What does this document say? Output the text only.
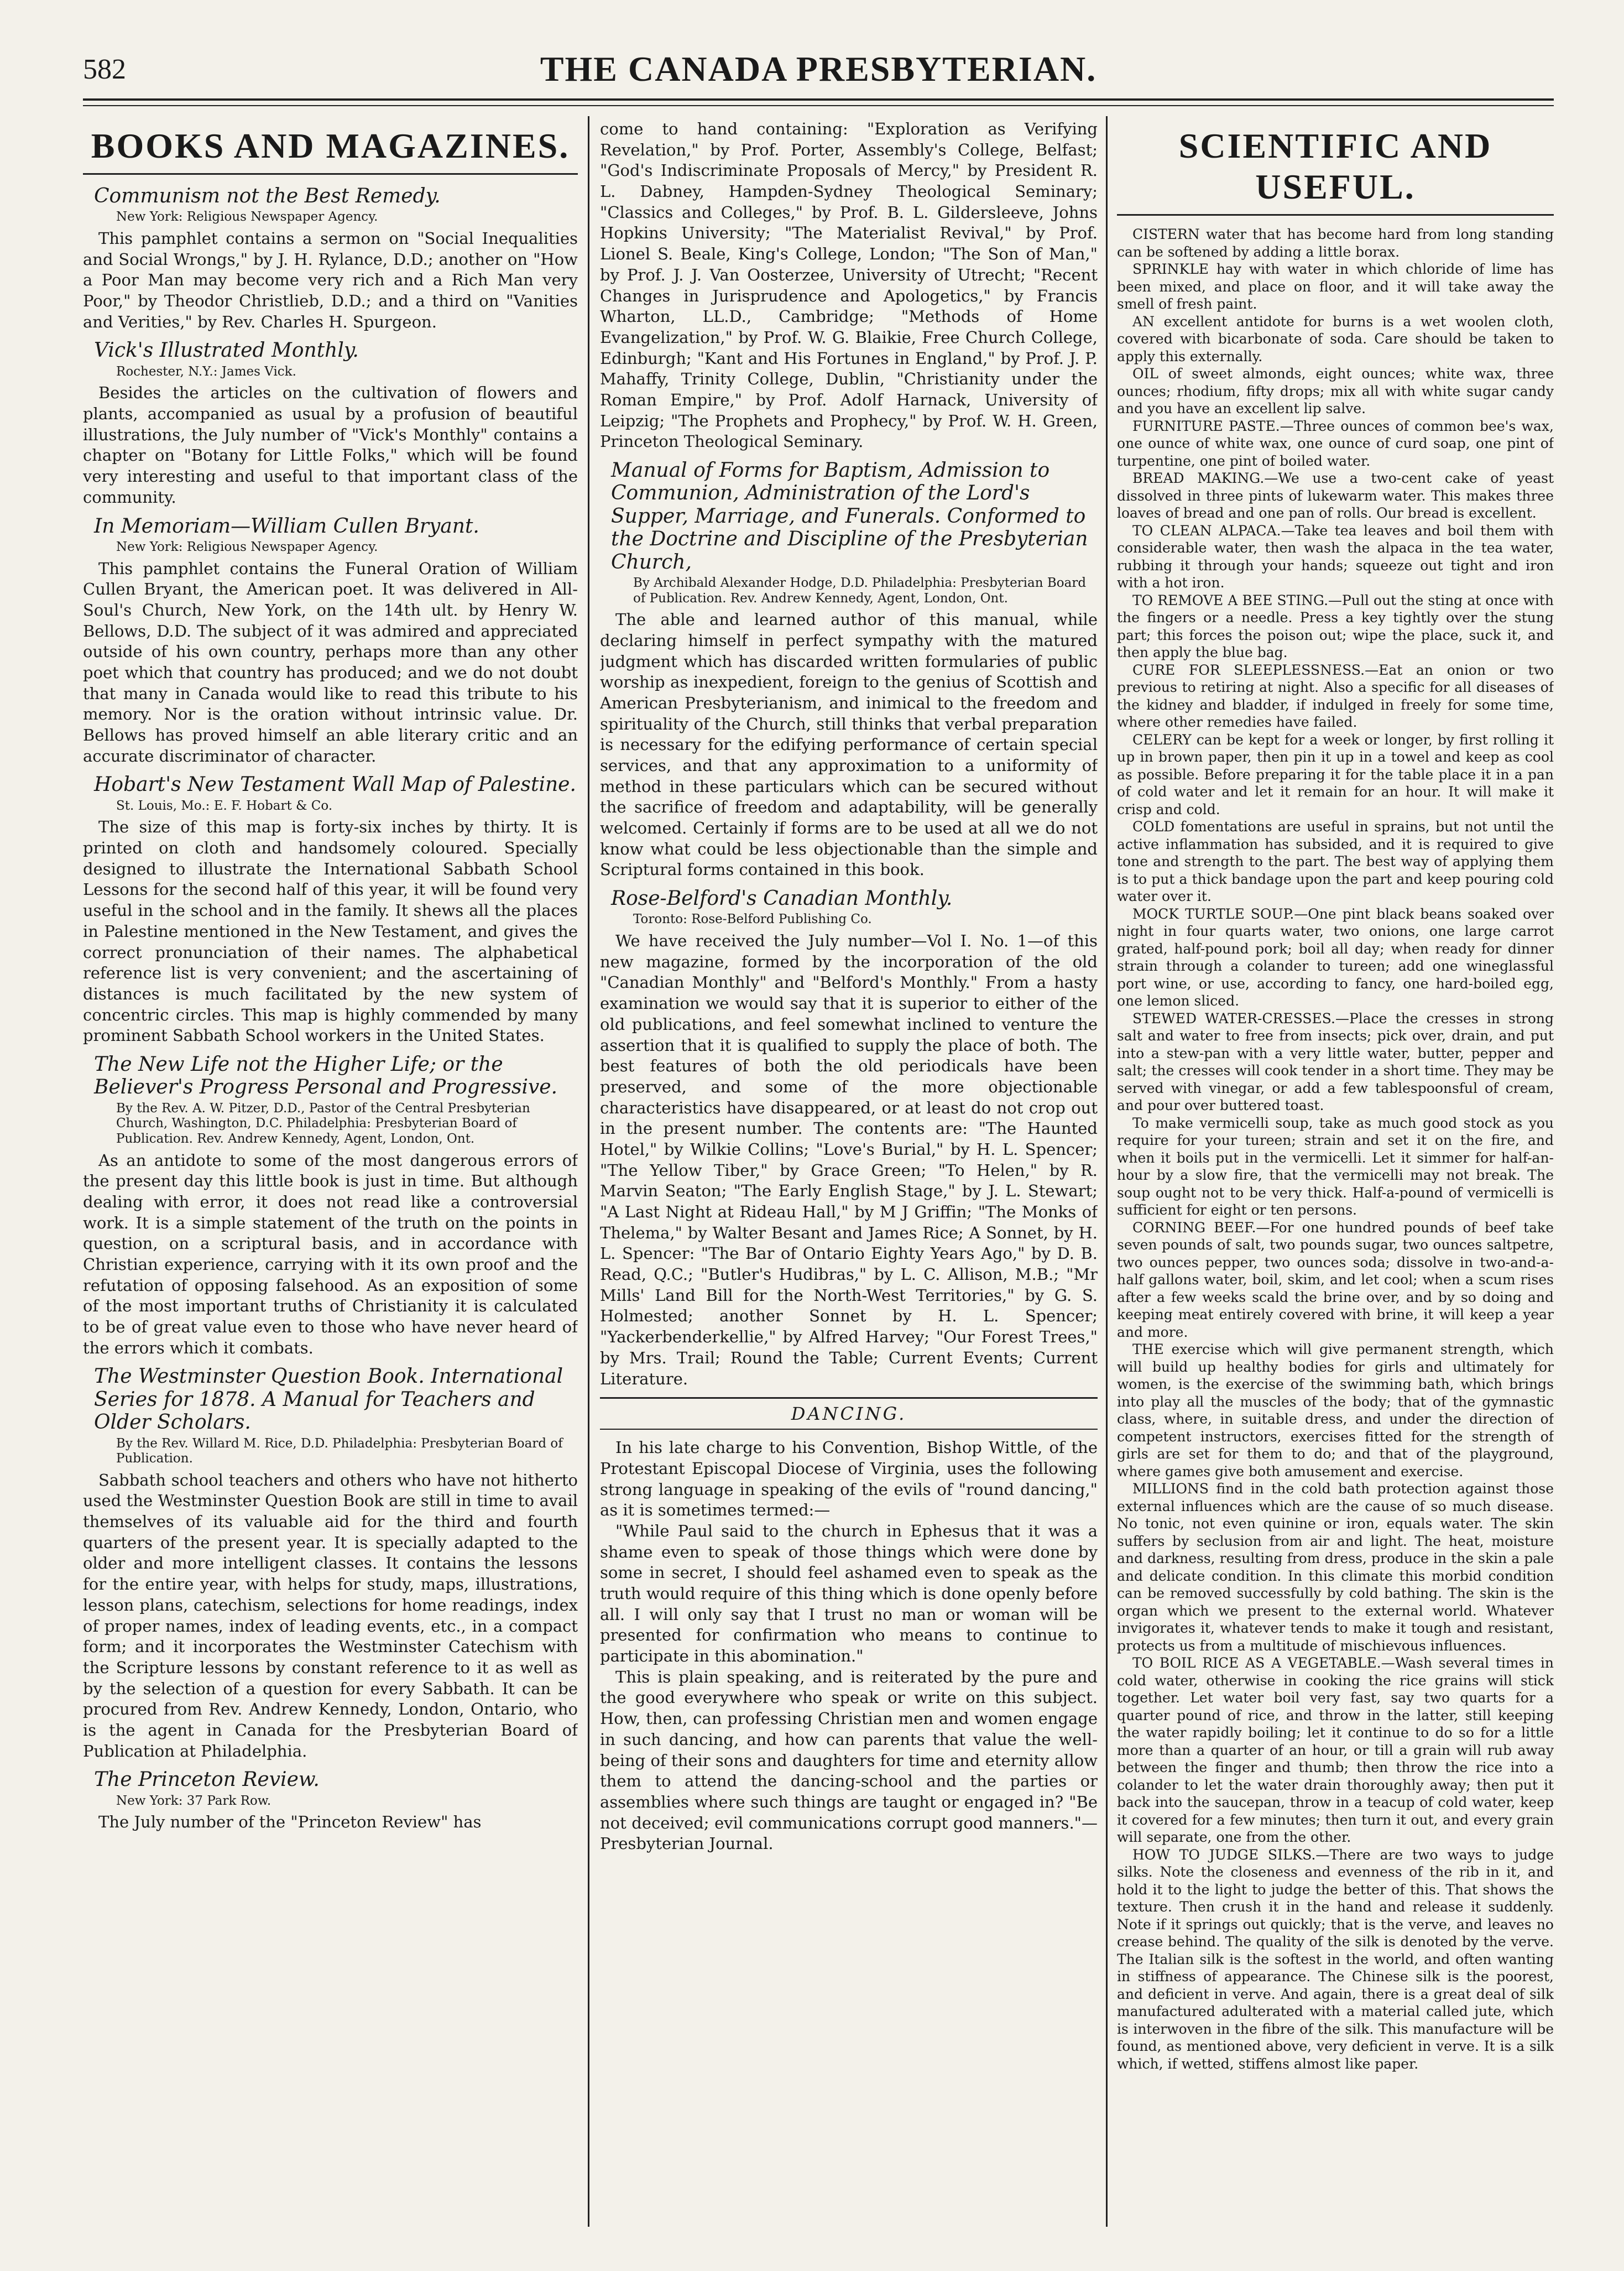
582	THE CANADA PRESBYTERIAN.
BOOKS AND MAGAZINES.
Communism not the Best Remedy.
New York: Religious Newspaper Agency.

This pamphlet contains a sermon on "Social Inequalities and Social Wrongs," by J. H. Rylance, D.D.; another on "How a Poor Man may become very rich and a Rich Man very Poor," by Theodor Christlieb, D.D.; and a third on "Vanities and Verities," by Rev. Charles H. Spurgeon.

Vick's Illustrated Monthly.
Rochester, N.Y.: James Vick.

Besides the articles on the cultivation of flowers and plants, accompanied as usual by a profusion of beautiful illustrations, the July number of "Vick's Monthly" contains a chapter on "Botany for Little Folks," which will be found very interesting and useful to that important class of the community.

In Memoriam—William Cullen Bryant.
New York: Religious Newspaper Agency.

This pamphlet contains the Funeral Oration of William Cullen Bryant, the American poet. It was delivered in All-Soul's Church, New York, on the 14th ult. by Henry W. Bellows, D.D. The subject of it was admired and appreciated outside of his own country, perhaps more than any other poet which that country has produced; and we do not doubt that many in Canada would like to read this tribute to his memory. Nor is the oration without intrinsic value. Dr. Bellows has proved himself an able literary critic and an accurate discriminator of character.

Hobart's New Testament Wall Map of Palestine.
St. Louis, Mo.: E. F. Hobart & Co.

The size of this map is forty-six inches by thirty. It is printed on cloth and handsomely coloured. Specially designed to illustrate the International Sabbath School Lessons for the second half of this year, it will be found very useful in the school and in the family. It shews all the places in Palestine mentioned in the New Testament, and gives the correct pronunciation of their names. The alphabetical reference list is very convenient; and the ascertaining of distances is much facilitated by the new system of concentric circles. This map is highly commended by many prominent Sabbath School workers in the United States.

The New Life not the Higher Life; or the Believer's Progress Personal and Progressive.
By the Rev. A. W. Pitzer, D.D., Pastor of the Central Presbyterian Church, Washington, D.C. Philadelphia: Presbyterian Board of Publication. Rev. Andrew Kennedy, Agent, London, Ont.

As an antidote to some of the most dangerous errors of the present day this little book is just in time. But although dealing with error, it does not read like a controversial work. It is a simple statement of the truth on the points in question, on a scriptural basis, and in accordance with Christian experience, carrying with it its own proof and the refutation of opposing falsehood. As an exposition of some of the most important truths of Christianity it is calculated to be of great value even to those who have never heard of the errors which it combats.

The Westminster Question Book. International Series for 1878. A Manual for Teachers and Older Scholars.
By the Rev. Willard M. Rice, D.D. Philadelphia: Presbyterian Board of Publication.

Sabbath school teachers and others who have not hitherto used the Westminster Question Book are still in time to avail themselves of its valuable aid for the third and fourth quarters of the present year. It is specially adapted to the older and more intelligent classes. It contains the lessons for the entire year, with helps for study, maps, illustrations, lesson plans, catechism, selections for home readings, index of proper names, index of leading events, etc., in a compact form; and it incorporates the Westminster Catechism with the Scripture lessons by constant reference to it as well as by the selection of a question for every Sabbath. It can be procured from Rev. Andrew Kennedy, London, Ontario, who is the agent in Canada for the Presbyterian Board of Publication at Philadelphia.

The Princeton Review.
New York: 37 Park Row.

The July number of the "Princeton Review" has

come to hand containing: "Exploration as Verifying Revelation," by Prof. Porter, Assembly's College, Belfast; "God's Indiscriminate Proposals of Mercy," by President R. L. Dabney, Hampden-Sydney Theological Seminary; "Classics and Colleges," by Prof. B. L. Gildersleeve, Johns Hopkins University; "The Materialist Revival," by Prof. Lionel S. Beale, King's College, London; "The Son of Man," by Prof. J. J. Van Oosterzee, University of Utrecht; "Recent Changes in Jurisprudence and Apologetics," by Francis Wharton, LL.D., Cambridge; "Methods of Home Evangelization," by Prof. W. G. Blaikie, Free Church College, Edinburgh; "Kant and His Fortunes in England," by Prof. J. P. Mahaffy, Trinity College, Dublin, "Christianity under the Roman Empire," by Prof. Adolf Harnack, University of Leipzig; "The Prophets and Prophecy," by Prof. W. H. Green, Princeton Theological Seminary.

Manual of Forms for Baptism, Admission to Communion, Administration of the Lord's Supper, Marriage, and Funerals. Conformed to the Doctrine and Discipline of the Presbyterian Church,
By Archibald Alexander Hodge, D.D. Philadelphia: Presbyterian Board of Publication. Rev. Andrew Kennedy, Agent, London, Ont.

The able and learned author of this manual, while declaring himself in perfect sympathy with the matured judgment which has discarded written formularies of public worship as inexpedient, foreign to the genius of Scottish and American Presbyterianism, and inimical to the freedom and spirituality of the Church, still thinks that verbal preparation is necessary for the edifying performance of certain special services, and that any approximation to a uniformity of method in these particulars which can be secured without the sacrifice of freedom and adaptability, will be generally welcomed. Certainly if forms are to be used at all we do not know what could be less objectionable than the simple and Scriptural forms contained in this book.

Rose-Belford's Canadian Monthly.
Toronto: Rose-Belford Publishing Co.

We have received the July number—Vol I. No. 1—of this new magazine, formed by the incorporation of the old "Canadian Monthly" and "Belford's Monthly." From a hasty examination we would say that it is superior to either of the old publications, and feel somewhat inclined to venture the assertion that it is qualified to supply the place of both. The best features of both the old periodicals have been preserved, and some of the more objectionable characteristics have disappeared, or at least do not crop out in the present number. The contents are: "The Haunted Hotel," by Wilkie Collins; "Love's Burial," by H. L. Spencer; "The Yellow Tiber," by Grace Green; "To Helen," by R. Marvin Seaton; "The Early English Stage," by J. L. Stewart; "A Last Night at Rideau Hall," by M J Griffin; "The Monks of Thelema," by Walter Besant and James Rice; A Sonnet, by H. L. Spencer: "The Bar of Ontario Eighty Years Ago," by D. B. Read, Q.C.; "Butler's Hudibras," by L. C. Allison, M.B.; "Mr Mills' Land Bill for the North-West Territories," by G. S. Holmested; another Sonnet by H. L. Spencer; "Yackerbenderkellie," by Alfred Harvey; "Our Forest Trees," by Mrs. Trail; Round the Table; Current Events; Current Literature.

DANCING.

In his late charge to his Convention, Bishop Wittle, of the Protestant Episcopal Diocese of Virginia, uses the following strong language in speaking of the evils of "round dancing," as it is sometimes termed:—

"While Paul said to the church in Ephesus that it was a shame even to speak of those things which were done by some in secret, I should feel ashamed even to speak as the truth would require of this thing which is done openly before all. I will only say that I trust no man or woman will be presented for confirmation who means to continue to participate in this abomination."

This is plain speaking, and is reiterated by the pure and the good everywhere who speak or write on this subject. How, then, can professing Christian men and women engage in such dancing, and how can parents that value the well-being of their sons and daughters for time and eternity allow them to attend the dancing-school and the parties or assemblies where such things are taught or engaged in? "Be not deceived; evil communications corrupt good manners."—Presbyterian Journal.

SCIENTIFIC AND USEFUL.

CISTERN water that has become hard from long standing can be softened by adding a little borax.

SPRINKLE hay with water in which chloride of lime has been mixed, and place on floor, and it will take away the smell of fresh paint.

AN excellent antidote for burns is a wet woolen cloth, covered with bicarbonate of soda. Care should be taken to apply this externally.

OIL of sweet almonds, eight ounces; white wax, three ounces; rhodium, fifty drops; mix all with white sugar candy and you have an excellent lip salve.

FURNITURE PASTE.—Three ounces of common bee's wax, one ounce of white wax, one ounce of curd soap, one pint of turpentine, one pint of boiled water.

BREAD MAKING.—We use a two-cent cake of yeast dissolved in three pints of lukewarm water. This makes three loaves of bread and one pan of rolls. Our bread is excellent.

TO CLEAN ALPACA.—Take tea leaves and boil them with considerable water, then wash the alpaca in the tea water, rubbing it through your hands; squeeze out tight and iron with a hot iron.

TO REMOVE A BEE STING.—Pull out the sting at once with the fingers or a needle. Press a key tightly over the stung part; this forces the poison out; wipe the place, suck it, and then apply the blue bag.

CURE FOR SLEEPLESSNESS.—Eat an onion or two previous to retiring at night. Also a specific for all diseases of the kidney and bladder, if indulged in freely for some time, where other remedies have failed.

CELERY can be kept for a week or longer, by first rolling it up in brown paper, then pin it up in a towel and keep as cool as possible. Before preparing it for the table place it in a pan of cold water and let it remain for an hour. It will make it crisp and cold.

COLD fomentations are useful in sprains, but not until the active inflammation has subsided, and it is required to give tone and strength to the part. The best way of applying them is to put a thick bandage upon the part and keep pouring cold water over it.

MOCK TURTLE SOUP.—One pint black beans soaked over night in four quarts water, two onions, one large carrot grated, half-pound pork; boil all day; when ready for dinner strain through a colander to tureen; add one wineglassful port wine, or use, according to fancy, one hard-boiled egg, one lemon sliced.

STEWED WATER-CRESSES.—Place the cresses in strong salt and water to free from insects; pick over, drain, and put into a stew-pan with a very little water, butter, pepper and salt; the cresses will cook tender in a short time. They may be served with vinegar, or add a few tablespoonsful of cream, and pour over buttered toast.

To make vermicelli soup, take as much good stock as you require for your tureen; strain and set it on the fire, and when it boils put in the vermicelli. Let it simmer for half-an-hour by a slow fire, that the vermicelli may not break. The soup ought not to be very thick. Half-a-pound of vermicelli is sufficient for eight or ten persons.

CORNING BEEF.—For one hundred pounds of beef take seven pounds of salt, two pounds sugar, two ounces saltpetre, two ounces pepper, two ounces soda; dissolve in two-and-a-half gallons water, boil, skim, and let cool; when a scum rises after a few weeks scald the brine over, and by so doing and keeping meat entirely covered with brine, it will keep a year and more.

THE exercise which will give permanent strength, which will build up healthy bodies for girls and ultimately for women, is the exercise of the swimming bath, which brings into play all the muscles of the body; that of the gymnastic class, where, in suitable dress, and under the direction of competent instructors, exercises fitted for the strength of girls are set for them to do; and that of the playground, where games give both amusement and exercise.

MILLIONS find in the cold bath protection against those external influences which are the cause of so much disease. No tonic, not even quinine or iron, equals water. The skin suffers by seclusion from air and light. The heat, moisture and darkness, resulting from dress, produce in the skin a pale and delicate condition. In this climate this morbid condition can be removed successfully by cold bathing. The skin is the organ which we present to the external world. Whatever invigorates it, whatever tends to make it tough and resistant, protects us from a multitude of mischievous influences.

TO BOIL RICE AS A VEGETABLE.—Wash several times in cold water, otherwise in cooking the rice grains will stick together. Let water boil very fast, say two quarts for a quarter pound of rice, and throw in the latter, still keeping the water rapidly boiling; let it continue to do so for a little more than a quarter of an hour, or till a grain will rub away between the finger and thumb; then throw the rice into a colander to let the water drain thoroughly away; then put it back into the saucepan, throw in a teacup of cold water, keep it covered for a few minutes; then turn it out, and every grain will separate, one from the other.

HOW TO JUDGE SILKS.—There are two ways to judge silks. Note the closeness and evenness of the rib in it, and hold it to the light to judge the better of this. That shows the texture. Then crush it in the hand and release it suddenly. Note if it springs out quickly; that is the verve, and leaves no crease behind. The quality of the silk is denoted by the verve. The Italian silk is the softest in the world, and often wanting in stiffness of appearance. The Chinese silk is the poorest, and deficient in verve. And again, there is a great deal of silk manufactured adulterated with a material called jute, which is interwoven in the fibre of the silk. This manufacture will be found, as mentioned above, very deficient in verve. It is a silk which, if wetted, stiffens almost like paper.
